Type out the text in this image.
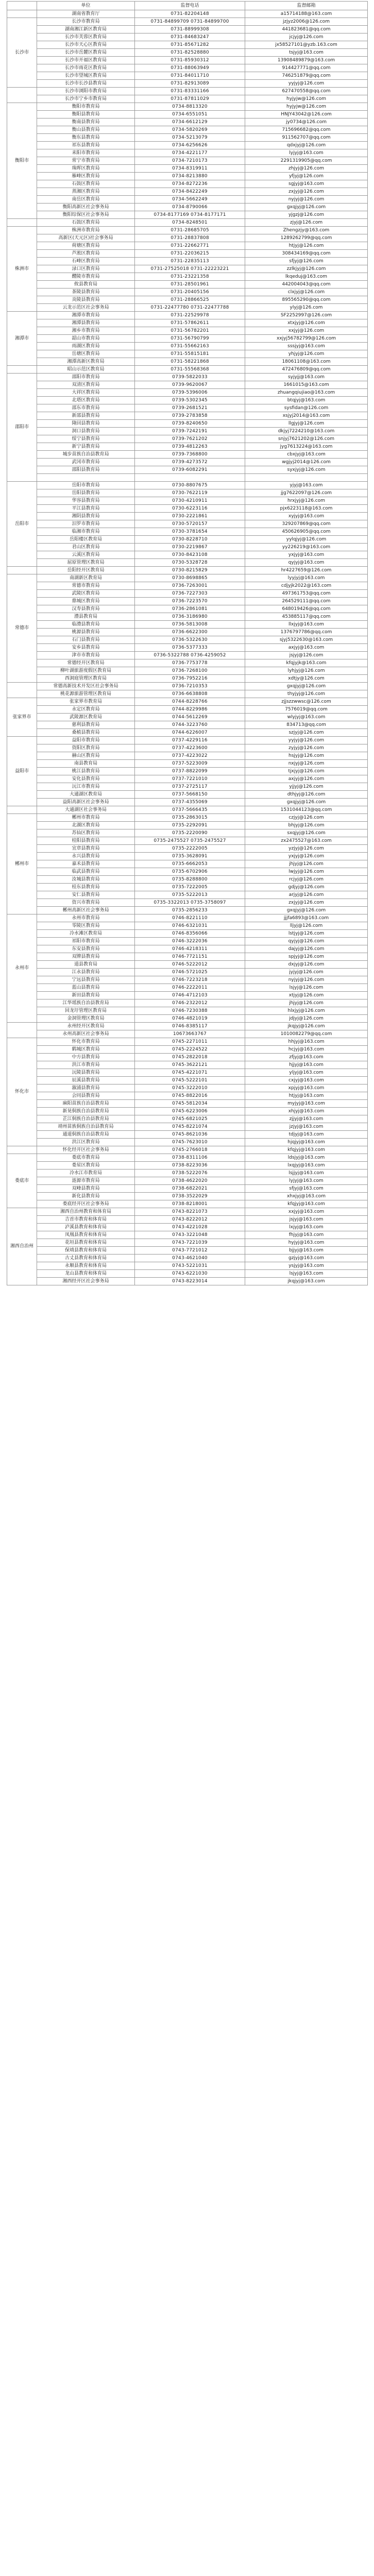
	单位	监督电话	监督邮箱
	湖南省教育厅	0731-82204148	a15714188@163.com
长沙市	长沙市教育局	0731-84899709 0731-84899700	jzjyz2006@126.com
	湖南湘江新区教育局	0731-88999308	441823681@qq.com
	长沙市芙蓉区教育局	0731-84683247	jcjyj@126.com
	长沙市天心区教育局	0731-85671282	jx58527101@yzb.163.com
	长沙市岳麓区教育局	0731-82528880	tsjyj@163.com
	长沙市开福区教育局	0731-85930312	13908489879@163.com
	长沙市雨花区教育局	0731-88063949	914427771@qq.com
	长沙市望城区教育局	0731-84011710	746251879@qq.com
	长沙市长沙县教育局	0731-82913089	yyjyj@126.com
	长沙市浏阳市教育局	0731-83331166	627470558@qq.com
	长沙市宁乡市教育局	0731-87811029	hyjyjw@126.com
衡阳市	衡阳市教育局	0734-8813320	hyjyjw@126.com
	衡阳县教育局	0734-6551051	HNJY43042@126.com
	衡南县教育局	0734-6612129	jy0734@126.com
	衡山县教育局	0734-5820269	715696682@qq.com
	衡东县教育局	0734-5213079	911562707@qq.com
	祁东县教育局	0734-6256626	qdxjyj@126.com
	耒阳市教育局	0734-4221177	lyjyj@163.com
	常宁市教育局	0734-7210173	2291319905@qq.com
	珠晖区教育局	0734-8319911	zhjyj@126.com
	雁峰区教育局	0734-8213880	yfjyj@126.com
	石鼓区教育局	0734-8272236	sgjyj@163.com
	蒸湘区教育局	0734-8422249	zxjyj@126.com
	南岳区教育局	0734-5662249	nyjyj@126.com
	衡阳高新区社会事务局	0734-8790066	gxqjyj@126.com
	衡阳综保区社会事务局	0734-8177169 0734-8177171	yjgzj@126.com
	石鼓区教育局	0734-8248501	zjyj@126.com
株洲市	株洲市教育局	0731-28685705	Zhengzjy@163.com
	高新区(天元区)社会事务局	0731-28837808	1289262799@qq.com
	荷塘区教育局	0731-22662771	htjyj@126.com
	芦淞区教育局	0731-22036215	308434169@qq.com
	石峰区教育局	0731-22835113	sfjyj@126.com
	渌口区教育局	0731-27525018 0731-22223221	zzlkjyj@126.com
	醴陵市教育局	0731-23221358	lkqeduj@163.com
	攸县教育局	0731-28501961	442004043@qq.com
	茶陵县教育局	0731-20405156	clxjyj@126.com
	炎陵县教育局	0731-28866525	895565290@qq.com
	云龙示范区社会事务局	0731-22477780 0731-22477788	ylyj@126.com
湘潭市	湘潭市教育局	0731-22529978	SF2252997@126.com
	湘潭县教育局	0731-57862611	xtxjyj@126.com
	湘乡市教育局	0731-56782201	xxjyj@126.com
	韶山市教育局	0731-56790799	xxjyj56782799@126.com
	雨湖区教育局	0731-55662163	sssjyj@163.com
	岳塘区教育局	0731-55815181	yhjyj@126.com
	湘潭高新区教育局	0731-58221868	18061108@163.com
	昭山示范区教育局	0731-55568368	472476809@qq.com
邵阳市	邵阳市教育局	0739-5822033	syjyjj@163.com
	双清区教育局	0739-9620067	1661015@163.com
	大祥区教育局	0739-5396006	zhuangqiujiao@163.com
	北塔区教育局	0739-5302345	btqjyj@163.com
	邵东市教育局	0739-2681521	sysfidan@126.com
	新邵县教育局	0739-2783858	xsjyj2014@163.com
	隆回县教育局	0739-8240650	llgjyj@126.com
	洞口县教育局	0739-7242191	dkjyj7224210@163.com
	绥宁县教育局	0739-7621202	snjyj7621202@126.com
	新宁县教育局	0739-4812263	jyg7613224@163.com
	城步苗族自治县教育局	0739-7368800	cbxjyj@163.com
	武冈市教育局	0739-4273572	wgjyj2014@126.com
	邵阳县教育局	0739-6082291	syxjyj@126.com

岳阳市	岳阳市教育局	0730-8807675	yjyj@163.com
	岳阳县教育局	0730-7622119	jjg7622097@126.com
	华容县教育局	0730-4210911	hrxjyj@126.com
	平江县教育局	0730-6223116	pjx6223118@163.com
	湘阴县教育局	0730-2221861	xyjyj@163.com
	汨罗市教育局	0730-5720157	329207869@qq.com
	临湘市教育局	0730-3781654	450626905@qq.com
	岳阳楼区教育局	0730-8228710	yylqjyj@126.com
	君山区教育局	0730-2219867	yy226219@163.com
	云溪区教育局	0730-8423108	yxjyj@163.com
	屈原管理区教育局	0730-5328728	qyjyj@163.com
	岳阳经开区教育局	0730-8215829	hr4227659@126.com
常德市	南湖新区教育局	0730-8698865	lyyjyj@163.com
	常德市教育局	0736-7263001	cdjyjk2022@163.com
	武陵区教育局	0736-7227303	497361753@qq.com
	鼎城区教育局	0736-7223570	264529111@qq.com
	汉寿县教育局	0736-2861081	648019426@qq.com
	澧县教育局	0736-3186980	453885117@qq.com
	临澧县教育局	0736-5813008	llxjyj@163.com
	桃源县教育局	0736-6622300	1376797786@qq.com
	石门县教育局	0736-5322630	sjyj5322630@163.com
	安乡县教育局	0736-5377333	axjyj@163.com
	津市市教育局	0736-5322788 0736-4259052	jsjyj@126.com
	常德经开区教育局	0736-7753778	kfqjyjk@163.com
	柳叶湖旅游度假区教育局	0736-7268100	lyhjyj@126.com
	西洞庭管理区教育局	0736-7952216	xdtjy@126.com
	常德高新技术开发区社会事务局	0736-7210353	gxqjyj@126.com
	桃花源旅游管理区教育局	0736-6638808	thyjyj@126.com
张家界市	张家界市教育局	0744-8228766	zjjszzwwsc@126.com
	永定区教育局	0744-8229986	7576019@qq.com
	武陵源区教育局	0744-5612269	wlyjyj@163.com
	慈利县教育局	0744-3223760	834713@qq.com
	桑植县教育局	0744-6226007	szjyj@126.com
益阳市	益阳市教育局	0737-4229116	yyjyj@126.com
	资阳区教育局	0737-4223600	zyjyj@126.com
	赫山区教育局	0737-4223022	hsjyj@126.com
	南县教育局	0737-5223009	nxjyj@126.com
	桃江县教育局	0737-8822099	tjxjyj@126.com
	安化县教育局	0737-7221010	axjyj@126.com
	沅江市教育局	0737-2725117	yjjyj@126.com
	大通湖区教育局	0737-5668150	dthjyj@126.com
	益阳高新区社会事务局	0737-4355069	gxqjyj@126.com
	大通湖区社会事务局	0737-5666435	1531044123@qq.com
郴州市	郴州市教育局	0735-2863015	czjyj@126.com
	北湖区教育局	0735-2292091	bhjyj@126.com
	苏仙区教育局	0735-2220090	sxqjyj@126.com
	桂阳县教育局	0735-2475527 0735-2475527	zx2475527@163.com
	宜章县教育局	0735-2222005	yzjyj@126.com
	永兴县教育局	0735-3628091	yxjyj@126.com
	嘉禾县教育局	0735-6662053	jhjyj@126.com
	临武县教育局	0735-6702906	lwjyj@126.com
	汝城县教育局	0735-8288800	rcjyj@126.com
	桂东县教育局	0735-7222005	gdjyj@126.com
	安仁县教育局	0735-5222013	arjyj@126.com
	资兴市教育局	0735-3322013 0735-3758097	zxjyj@126.com
	郴州高新区社会事务局	0735-2856233	gxqjyj@126.com
永州市	永州市教育局	0746-8221110	jjjfa6893@163.com
	零陵区教育局	0746-6321031	lljyj@126.com
	冷水滩区教育局	0746-8356066	lstjyj@126.com
	祁阳市教育局	0746-3222036	qyjyj@126.com
	东安县教育局	0746-4218311	dajyj@126.com
	双牌县教育局	0746-7721151	spjyj@126.com
	道县教育局	0746-5222012	dxjyj@126.com
	江永县教育局	0746-5721025	jyjyj@126.com
	宁远县教育局	0746-7223218	nyjyj@126.com
	蓝山县教育局	0746-2222011	lsjyj@126.com
	新田县教育局	0746-4712103	xtjyj@126.com
	江华瑶族自治县教育局	0746-2322012	jhjyj@126.com
	回龙圩管理区教育局	0746-7230388	hlxjyj@126.com
	金洞管理区教育局	0746-4821019	jdjyj@126.com
	永州经开区教育局	0746-8385117	jkqjyj@126.com
	永州高新区社会事务局	10673663767	1010082279@qq.com
怀化市	怀化市教育局	0745-2271011	hhjyj@163.com
	鹤城区教育局	0745-2224522	hcjyj@163.com
	中方县教育局	0745-2822018	zfjyj@163.com
	洪江市教育局	0745-3622121	hjjyj@163.com
	沅陵县教育局	0745-4221071	yljyj@163.com
	辰溪县教育局	0745-5222101	cxjyj@163.com
	溆浦县教育局	0745-3222010	xpjyj@163.com
	会同县教育局	0745-8822016	htjyj@163.com
	麻阳苗族自治县教育局	0745-5812034	myjyj@163.com
	新晃侗族自治县教育局	0745-6223006	xhjyj@163.com
	芷江侗族自治县教育局	0745-6821025	zjjyj@163.com
	靖州苗族侗族自治县教育局	0745-8221074	jzjyj@163.com
	通道侗族自治县教育局	0745-8621036	tdjyj@163.com
	洪江区教育局	0745-7623010	hjqjyj@163.com
	怀化经开区社会事务局	0745-2766018	kfqjyj@163.com
娄底市	娄底市教育局	0738-8311106	ldsjyj@163.com
	娄星区教育局	0738-8223036	lxqjyj@163.com
	冷水江市教育局	0738-5222076	lsjjyj@163.com
	涟源市教育局	0738-4622020	lyjyj@163.com
	双峰县教育局	0738-6822021	sfjyj@163.com
	新化县教育局	0738-3522029	xhxjyj@163.com
	娄底经开区社会事务局	0738-8218001	kfqjyj@163.com
湘西自治州	湘西自治州教育和体育局	0743-8221073	xxjyj@163.com
	吉首市教育和体育局	0743-8222012	jsjyj@163.com
	泸溪县教育和体育局	0743-4221028	lxjyj@163.com
	凤凰县教育和体育局	0743-3221048	fhjyj@163.com
	花垣县教育和体育局	0743-7221039	hyjyj@163.com
	保靖县教育和体育局	0743-7721012	bjjyj@163.com
	古丈县教育和体育局	0743-4621040	gzjyj@163.com
	永顺县教育和体育局	0743-5221031	ysjyj@163.com
	龙山县教育和体育局	0743-6221030	lsjyj@163.com
	湘西经开区社会事务局	0743-8223014	jkqjyj@163.com
